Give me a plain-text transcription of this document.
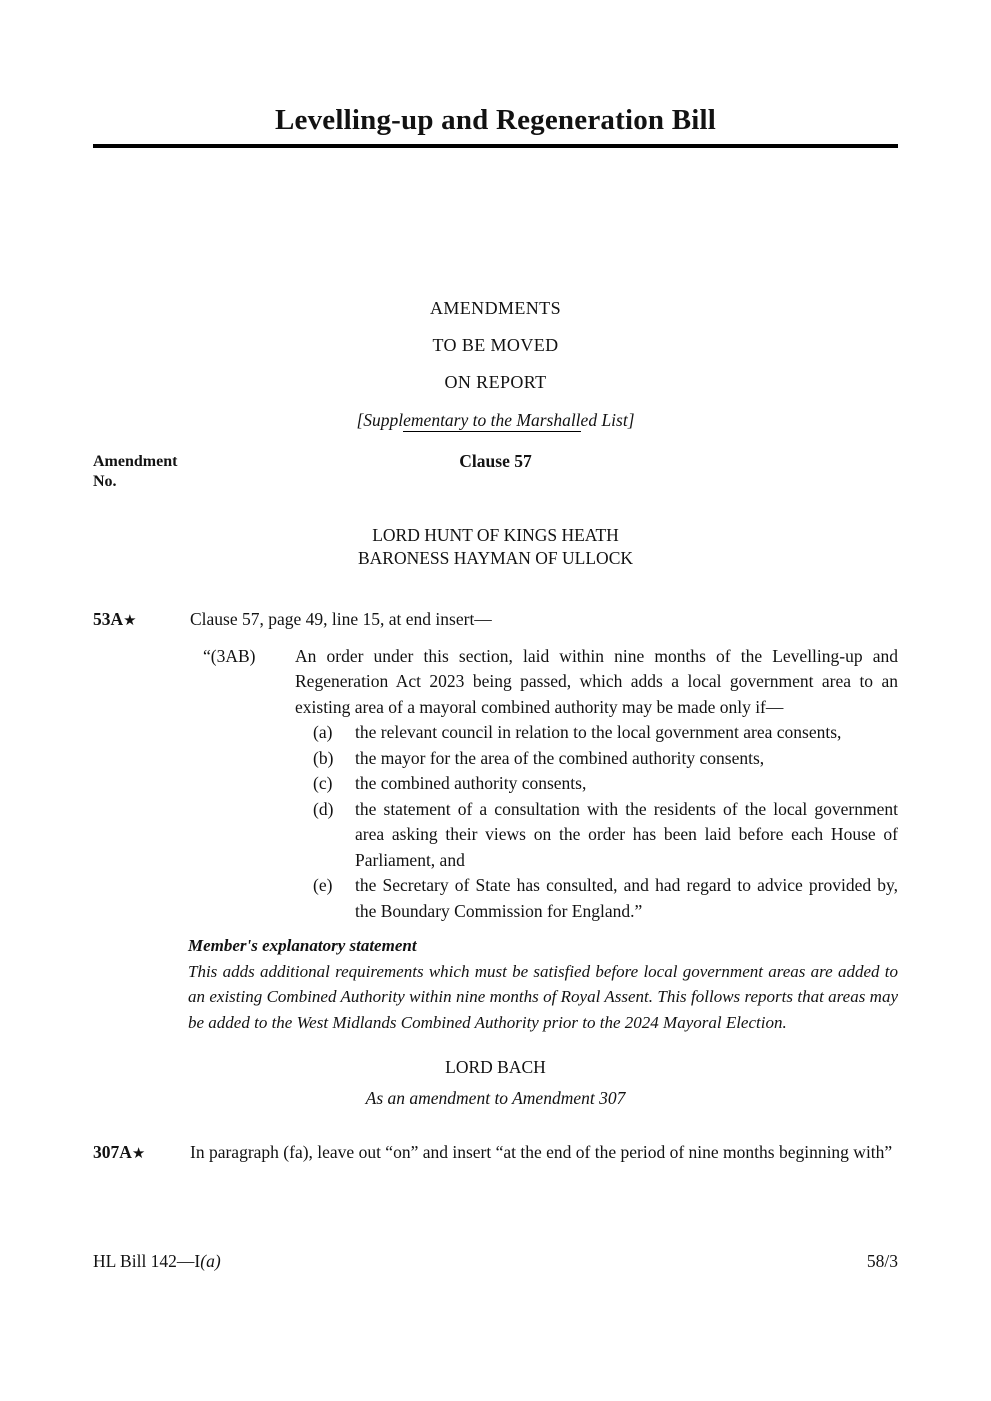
Levelling-up and Regeneration Bill
AMENDMENTS
TO BE MOVED
ON REPORT
[Supplementary to the Marshalled List]
Amendment
No.
Clause 57
LORD HUNT OF KINGS HEATH
BARONESS HAYMAN OF ULLOCK
53A★	Clause 57, page 49, line 15, at end insert—
“(3AB)	An order under this section, laid within nine months of the Levelling-up and Regeneration Act 2023 being passed, which adds a local government area to an existing area of a mayoral combined authority may be made only if—
(a)	the relevant council in relation to the local government area consents,
(b)	the mayor for the area of the combined authority consents,
(c)	the combined authority consents,
(d)	the statement of a consultation with the residents of the local government area asking their views on the order has been laid before each House of Parliament, and
(e)	the Secretary of State has consulted, and had regard to advice provided by, the Boundary Commission for England.”
Member's explanatory statement
This adds additional requirements which must be satisfied before local government areas are added to an existing Combined Authority within nine months of Royal Assent. This follows reports that areas may be added to the West Midlands Combined Authority prior to the 2024 Mayoral Election.
LORD BACH
As an amendment to Amendment 307
307A★	In paragraph (fa), leave out “on” and insert “at the end of the period of nine months beginning with”
HL Bill 142—I(a)	58/3
